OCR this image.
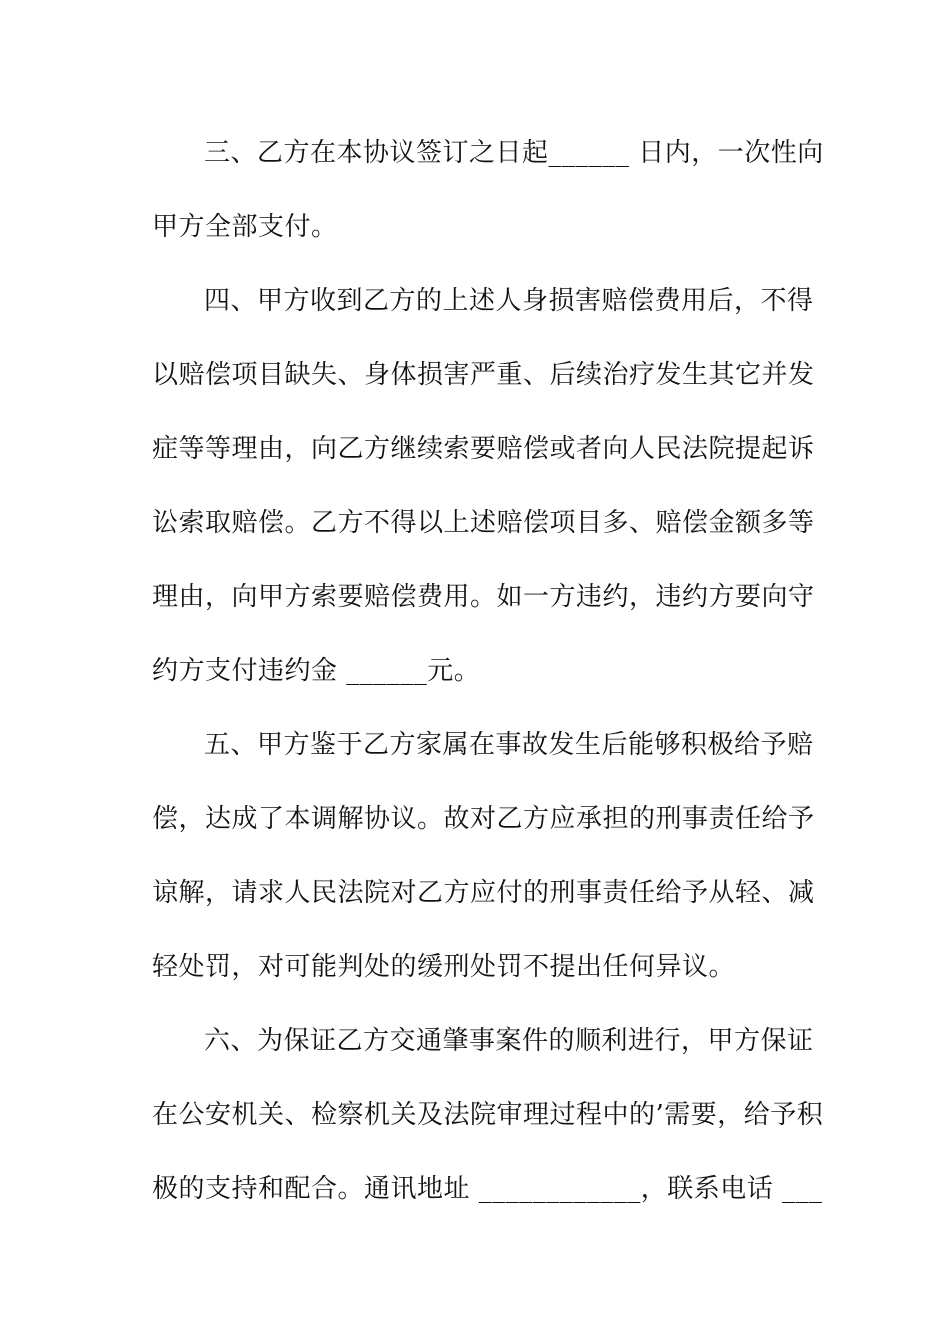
三、乙方在本协议签订之日起______ 日内，一次性向
甲方全部支付。
四、甲方收到乙方的上述人身损害赔偿费用后，不得
以赔偿项目缺失、身体损害严重、后续治疗发生其它并发
症等等理由，向乙方继续索要赔偿或者向人民法院提起诉
讼索取赔偿。乙方不得以上述赔偿项目多、赔偿金额多等
理由，向甲方索要赔偿费用。如一方违约，违约方要向守
约方支付违约金 ______元。
五、甲方鉴于乙方家属在事故发生后能够积极给予赔
偿，达成了本调解协议。故对乙方应承担的刑事责任给予
谅解，请求人民法院对乙方应付的刑事责任给予从轻、减
轻处罚，对可能判处的缓刑处罚不提出任何异议。
六、为保证乙方交通肇事案件的顺利进行，甲方保证
在公安机关、检察机关及法院审理过程中的’需要，给予积
极的支持和配合。通讯地址 ____________，联系电话 ___
